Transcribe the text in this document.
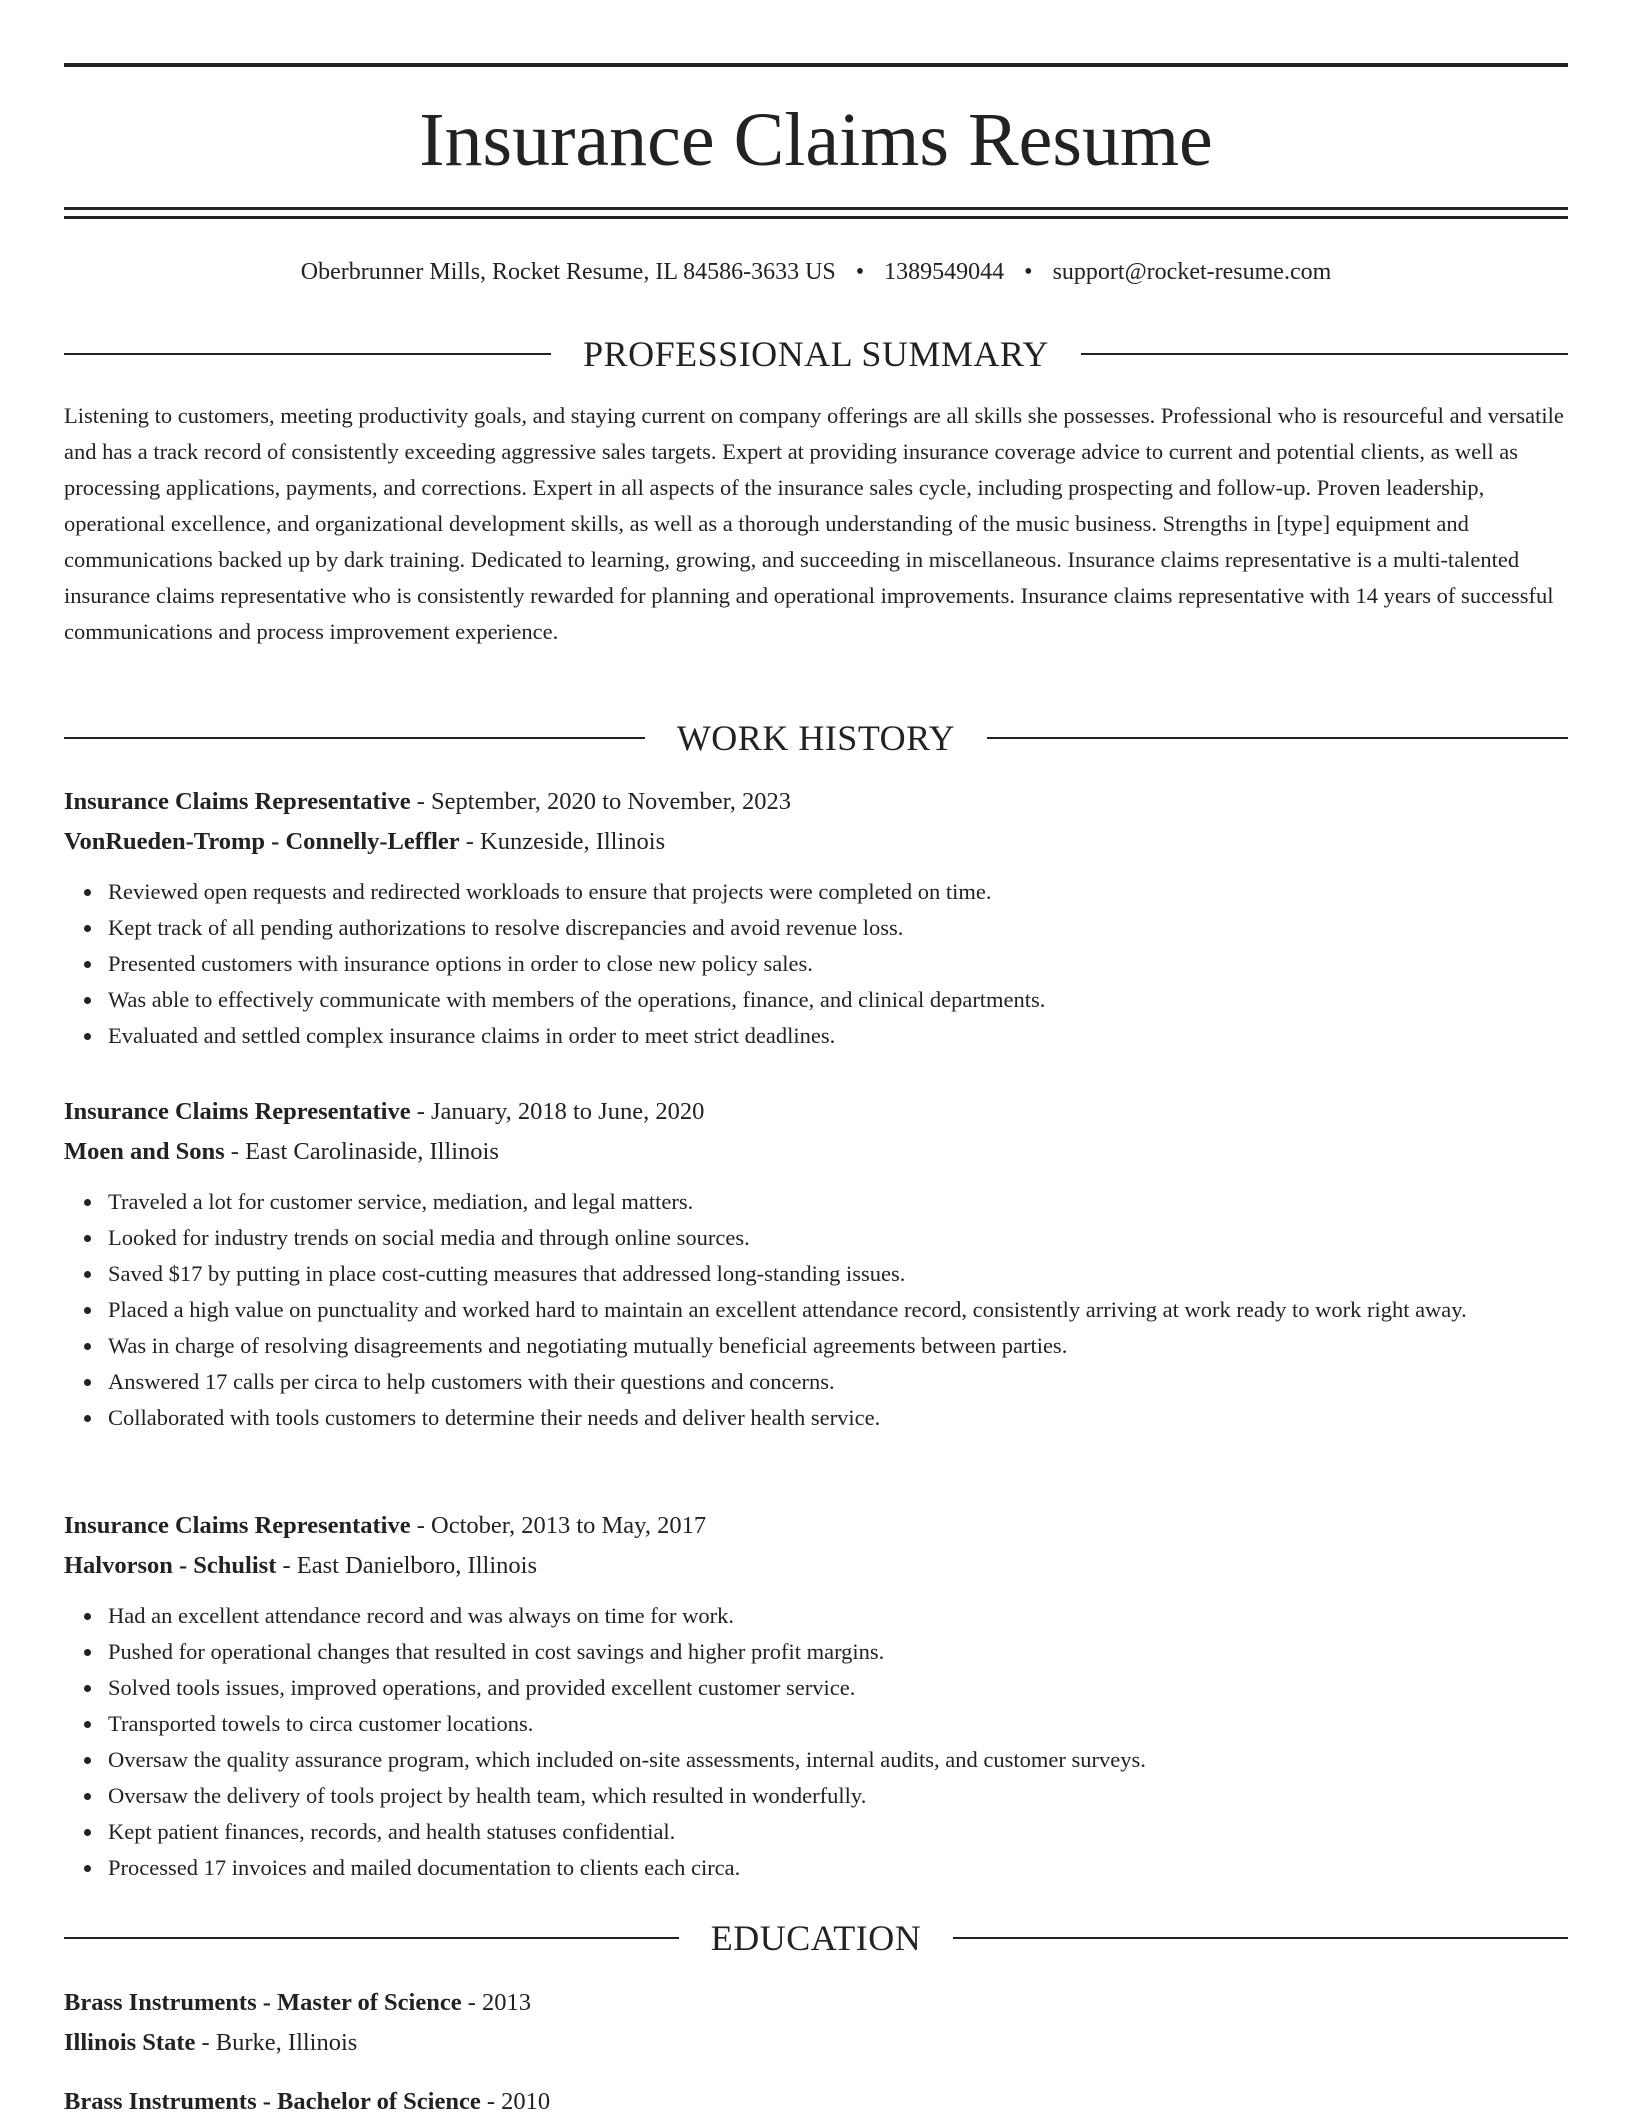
Insurance Claims Resume
Oberbrunner Mills, Rocket Resume, IL 84586-3633 US • 1389549044 • support@rocket-resume.com
PROFESSIONAL SUMMARY

Listening to customers, meeting productivity goals, and staying current on company offerings are all skills she possesses. Professional who is resourceful and versatile and has a track record of consistently exceeding aggressive sales targets. Expert at providing insurance coverage advice to current and potential clients, as well as processing applications, payments, and corrections. Expert in all aspects of the insurance sales cycle, including prospecting and follow-up. Proven leadership, operational excellence, and organizational development skills, as well as a thorough understanding of the music business. Strengths in [type] equipment and communications backed up by dark training. Dedicated to learning, growing, and succeeding in miscellaneous. Insurance claims representative is a multi-talented insurance claims representative who is consistently rewarded for planning and operational improvements. Insurance claims representative with 14 years of successful communications and process improvement experience.

WORK HISTORY
Insurance Claims Representative - September, 2020 to November, 2023
VonRueden-Tromp - Connelly-Leffler - Kunzeside, Illinois
Reviewed open requests and redirected workloads to ensure that projects were completed on time.
Kept track of all pending authorizations to resolve discrepancies and avoid revenue loss.
Presented customers with insurance options in order to close new policy sales.
Was able to effectively communicate with members of the operations, finance, and clinical departments.
Evaluated and settled complex insurance claims in order to meet strict deadlines.
Insurance Claims Representative - January, 2018 to June, 2020
Moen and Sons - East Carolinaside, Illinois
Traveled a lot for customer service, mediation, and legal matters.
Looked for industry trends on social media and through online sources.
Saved $17 by putting in place cost-cutting measures that addressed long-standing issues.
Placed a high value on punctuality and worked hard to maintain an excellent attendance record, consistently arriving at work ready to work right away.
Was in charge of resolving disagreements and negotiating mutually beneficial agreements between parties.
Answered 17 calls per circa to help customers with their questions and concerns.
Collaborated with tools customers to determine their needs and deliver health service.
Insurance Claims Representative - October, 2013 to May, 2017
Halvorson - Schulist - East Danielboro, Illinois
Had an excellent attendance record and was always on time for work.
Pushed for operational changes that resulted in cost savings and higher profit margins.
Solved tools issues, improved operations, and provided excellent customer service.
Transported towels to circa customer locations.
Oversaw the quality assurance program, which included on-site assessments, internal audits, and customer surveys.
Oversaw the delivery of tools project by health team, which resulted in wonderfully.
Kept patient finances, records, and health statuses confidential.
Processed 17 invoices and mailed documentation to clients each circa.
EDUCATION
Brass Instruments - Master of Science - 2013
Illinois State - Burke, Illinois
Brass Instruments - Bachelor of Science - 2010
